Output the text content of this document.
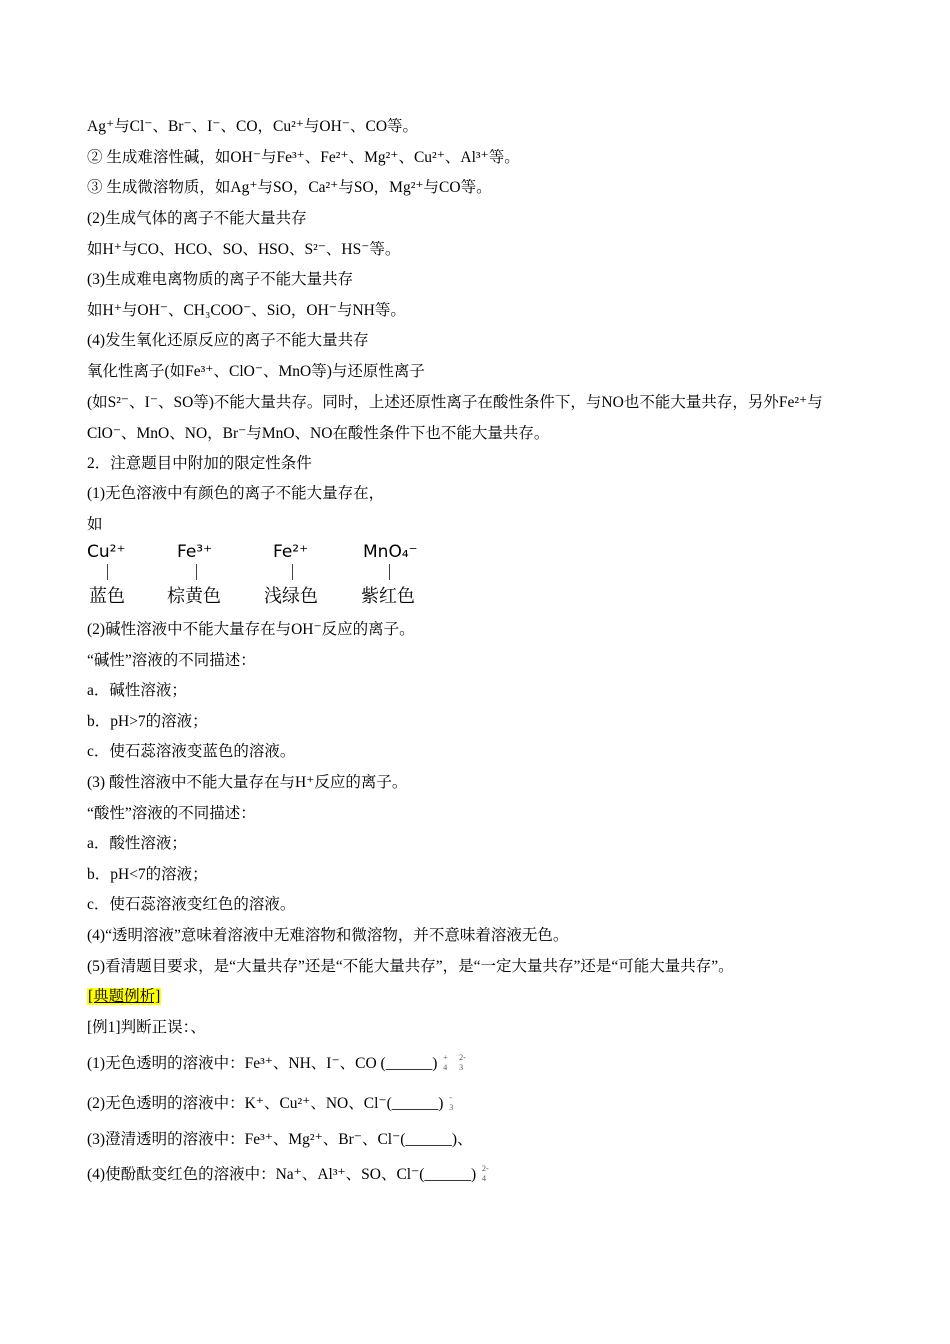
Ag⁺与Cl⁻、Br⁻、I⁻、CO，Cu²⁺与OH⁻、CO等。
② 生成难溶性碱，如OH⁻与Fe³⁺、Fe²⁺、Mg²⁺、Cu²⁺、Al³⁺等。
③ 生成微溶物质，如Ag⁺与SO，Ca²⁺与SO，Mg²⁺与CO等。
(2)生成气体的离子不能大量共存
如H⁺与CO、HCO、SO、HSO、S²⁻、HS⁻等。
(3)生成难电离物质的离子不能大量共存
如H⁺与OH⁻、CH₃COO⁻、SiO，OH⁻与NH等。
(4)发生氧化还原反应的离子不能大量共存
氧化性离子(如Fe³⁺、ClO⁻、MnO等)与还原性离子
(如S²⁻、I⁻、SO等)不能大量共存。同时，上述还原性离子在酸性条件下，与NO也不能大量共存，另外Fe²⁺与ClO⁻、MnO、NO，Br⁻与MnO、NO在酸性条件下也不能大量共存。
2．注意题目中附加的限定性条件
(1)无色溶液中有颜色的离子不能大量存在，
如
Cu²⁺
蓝色
Fe³⁺
棕黄色
Fe²⁺
浅绿色
MnO₄⁻
紫红色
(2)碱性溶液中不能大量存在与OH⁻反应的离子。
“碱性”溶液的不同描述：
a．碱性溶液；
b．pH>7的溶液；
c．使石蕊溶液变蓝色的溶液。
(3) 酸性溶液中不能大量存在与H⁺反应的离子。
“酸性”溶液的不同描述：
a．酸性溶液；
b．pH<7的溶液；
c．使石蕊溶液变红色的溶液。
(4)“透明溶液”意味着溶液中无难溶物和微溶物，并不意味着溶液无色。
(5)看清题目要求，是“大量共存”还是“不能大量共存”，是“一定大量共存”还是“可能大量共存”。
[典题例析]
[例1]判断正误：、
(1)无色透明的溶液中：Fe³⁺、NH、I⁻、CO (______) +
4

2-
3
(2)无色透明的溶液中：K⁺、Cu²⁺、NO、Cl⁻(______) -
3
(3)澄清透明的溶液中：Fe³⁺、Mg²⁺、Br⁻、Cl⁻(______)、
(4)使酚酞变红色的溶液中：Na⁺、Al³⁺、SO、Cl⁻(______) 2-
4
